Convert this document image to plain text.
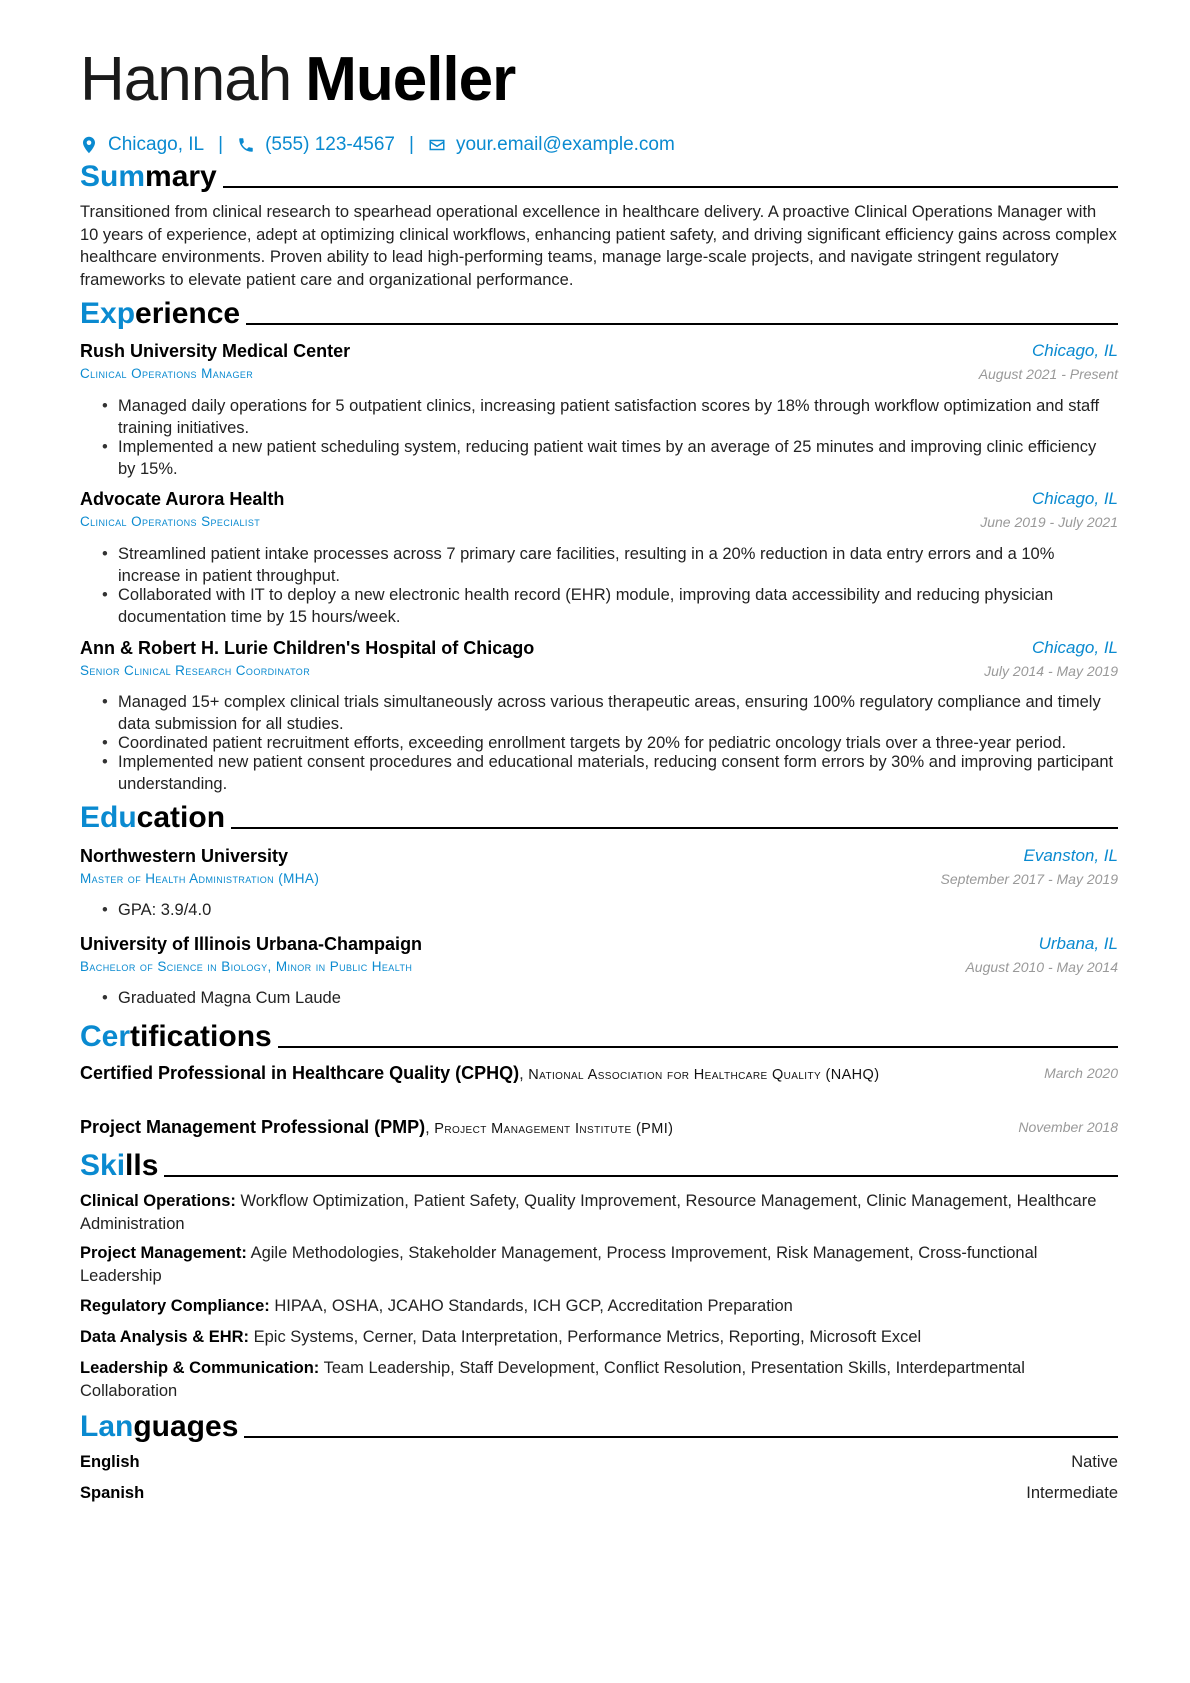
Hannah Mueller
Chicago, IL | (555) 123-4567 | your.email@example.com
Summary
Transitioned from clinical research to spearhead operational excellence in healthcare delivery. A proactive Clinical Operations Manager with 10 years of experience, adept at optimizing clinical workflows, enhancing patient safety, and driving significant efficiency gains across complex healthcare environments. Proven ability to lead high-performing teams, manage large-scale projects, and navigate stringent regulatory frameworks to elevate patient care and organizational performance.
Experience
Rush University Medical Center	Chicago, IL
Clinical Operations Manager	August 2021 - Present
• Managed daily operations for 5 outpatient clinics, increasing patient satisfaction scores by 18% through workflow optimization and staff training initiatives.
• Implemented a new patient scheduling system, reducing patient wait times by an average of 25 minutes and improving clinic efficiency by 15%.
Advocate Aurora Health	Chicago, IL
Clinical Operations Specialist	June 2019 - July 2021
• Streamlined patient intake processes across 7 primary care facilities, resulting in a 20% reduction in data entry errors and a 10% increase in patient throughput.
• Collaborated with IT to deploy a new electronic health record (EHR) module, improving data accessibility and reducing physician documentation time by 15 hours/week.
Ann & Robert H. Lurie Children's Hospital of Chicago	Chicago, IL
Senior Clinical Research Coordinator	July 2014 - May 2019
• Managed 15+ complex clinical trials simultaneously across various therapeutic areas, ensuring 100% regulatory compliance and timely data submission for all studies.
• Coordinated patient recruitment efforts, exceeding enrollment targets by 20% for pediatric oncology trials over a three-year period.
• Implemented new patient consent procedures and educational materials, reducing consent form errors by 30% and improving participant understanding.
Education
Northwestern University	Evanston, IL
Master of Health Administration (MHA)	September 2017 - May 2019
• GPA: 3.9/4.0
University of Illinois Urbana-Champaign	Urbana, IL
Bachelor of Science in Biology, Minor in Public Health	August 2010 - May 2014
• Graduated Magna Cum Laude
Certifications
Certified Professional in Healthcare Quality (CPHQ), National Association for Healthcare Quality (NAHQ)	March 2020
Project Management Professional (PMP), Project Management Institute (PMI)	November 2018
Skills
Clinical Operations: Workflow Optimization, Patient Safety, Quality Improvement, Resource Management, Clinic Management, Healthcare Administration
Project Management: Agile Methodologies, Stakeholder Management, Process Improvement, Risk Management, Cross-functional Leadership
Regulatory Compliance: HIPAA, OSHA, JCAHO Standards, ICH GCP, Accreditation Preparation
Data Analysis & EHR: Epic Systems, Cerner, Data Interpretation, Performance Metrics, Reporting, Microsoft Excel
Leadership & Communication: Team Leadership, Staff Development, Conflict Resolution, Presentation Skills, Interdepartmental Collaboration
Languages
English	Native
Spanish	Intermediate
